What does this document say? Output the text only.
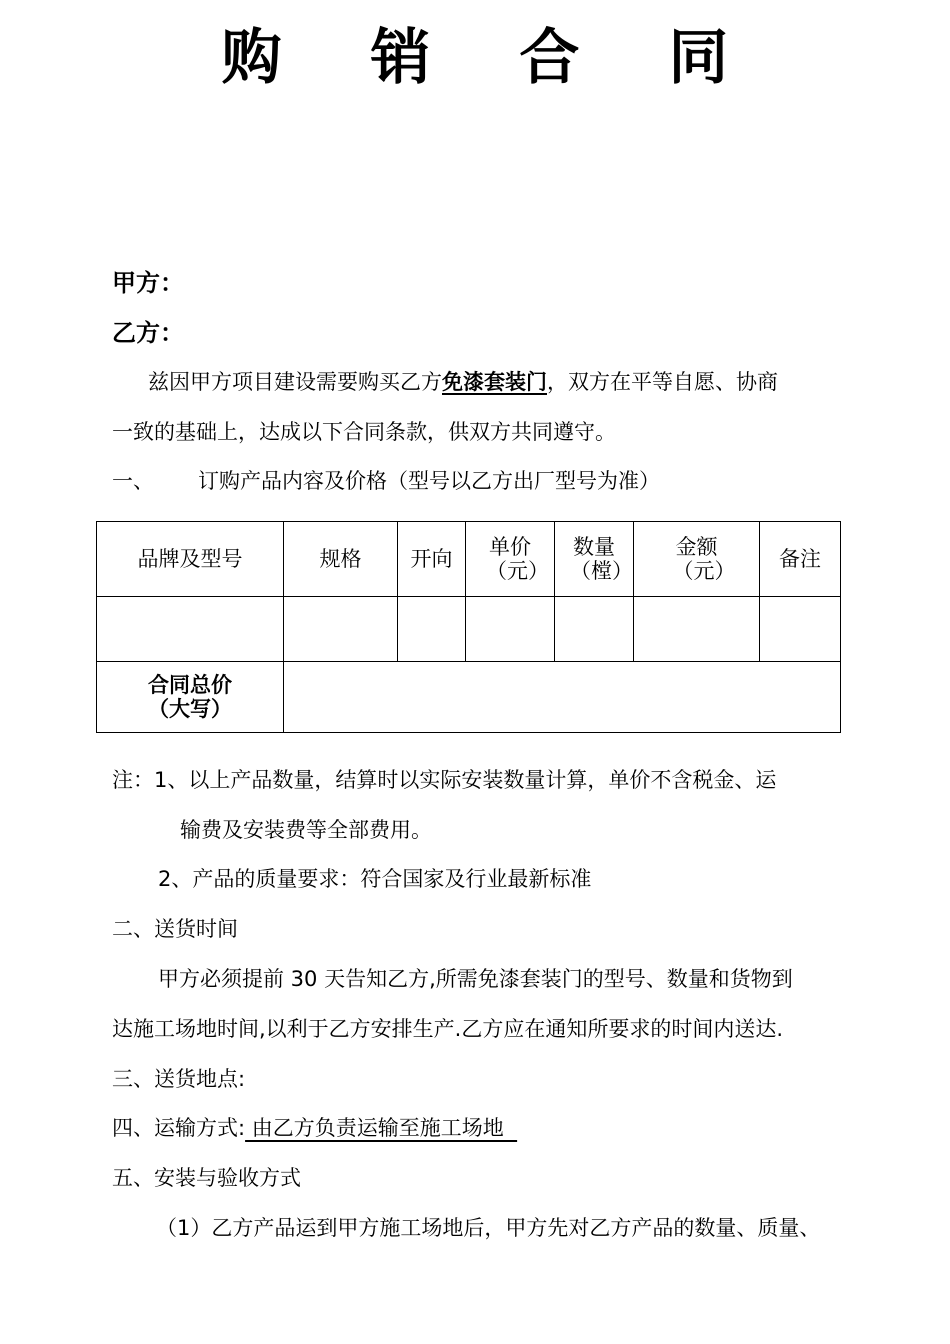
购 销 合 同
甲方：
乙方：
兹因甲方项目建设需要购买乙方免漆套装门，双方在平等自愿、协商
一致的基础上，达成以下合同条款，供双方共同遵守。
一、 订购产品内容及价格（型号以乙方出厂型号为准）
品牌及型号	规格	开向	单价（元）	数量（樘）	金额（元）	备注

合同总价（大写）						
注：1、以上产品数量，结算时以实际安装数量计算，单价不含税金、运
输费及安装费等全部费用。
2、产品的质量要求：符合国家及行业最新标准
二、送货时间
甲方必须提前 30 天告知乙方,所需免漆套装门的型号、数量和货物到
达施工场地时间,以利于乙方安排生产.乙方应在通知所要求的时间内送达.
三、送货地点:
四、运输方式: 由乙方负责运输至施工场地
五、安装与验收方式
（1）乙方产品运到甲方施工场地后，甲方先对乙方产品的数量、质量、
